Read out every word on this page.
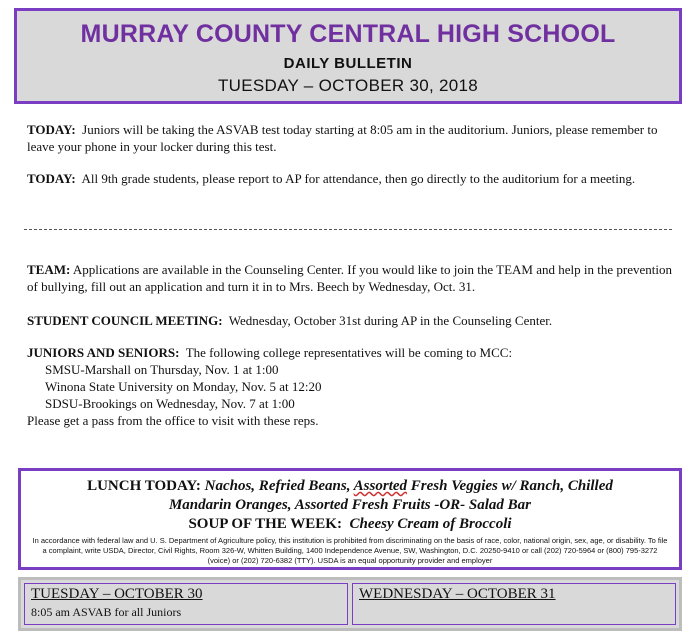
MURRAY COUNTY CENTRAL HIGH SCHOOL
DAILY BULLETIN
TUESDAY – OCTOBER 30, 2018
TODAY: Juniors will be taking the ASVAB test today starting at 8:05 am in the auditorium. Juniors, please remember to leave your phone in your locker during this test.
TODAY: All 9th grade students, please report to AP for attendance, then go directly to the auditorium for a meeting.
TEAM: Applications are available in the Counseling Center. If you would like to join the TEAM and help in the prevention of bullying, fill out an application and turn it in to Mrs. Beech by Wednesday, Oct. 31.
STUDENT COUNCIL MEETING: Wednesday, October 31st during AP in the Counseling Center.
JUNIORS AND SENIORS: The following college representatives will be coming to MCC:
SMSU-Marshall on Thursday, Nov. 1 at 1:00
Winona State University on Monday, Nov. 5 at 12:20
SDSU-Brookings on Wednesday, Nov. 7 at 1:00
Please get a pass from the office to visit with these reps.
LUNCH TODAY: Nachos, Refried Beans, Assorted Fresh Veggies w/ Ranch, Chilled
Mandarin Oranges, Assorted Fresh Fruits -OR- Salad Bar
SOUP OF THE WEEK: Cheesy Cream of Broccoli
In accordance with federal law and U. S. Department of Agriculture policy, this institution is prohibited from discriminating on the basis of race, color, national origin, sex, age, or disability. To file a complaint, write USDA, Director, Civil Rights, Room 326-W, Whitten Building, 1400 Independence Avenue, SW, Washington, D.C. 20250-9410 or call (202) 720-5964 or (800) 795-3272 (voice) or (202) 720-6382 (TTY). USDA is an equal opportunity provider and employer
TUESDAY – OCTOBER 30
8:05 am ASVAB for all Juniors
WEDNESDAY – OCTOBER 31
